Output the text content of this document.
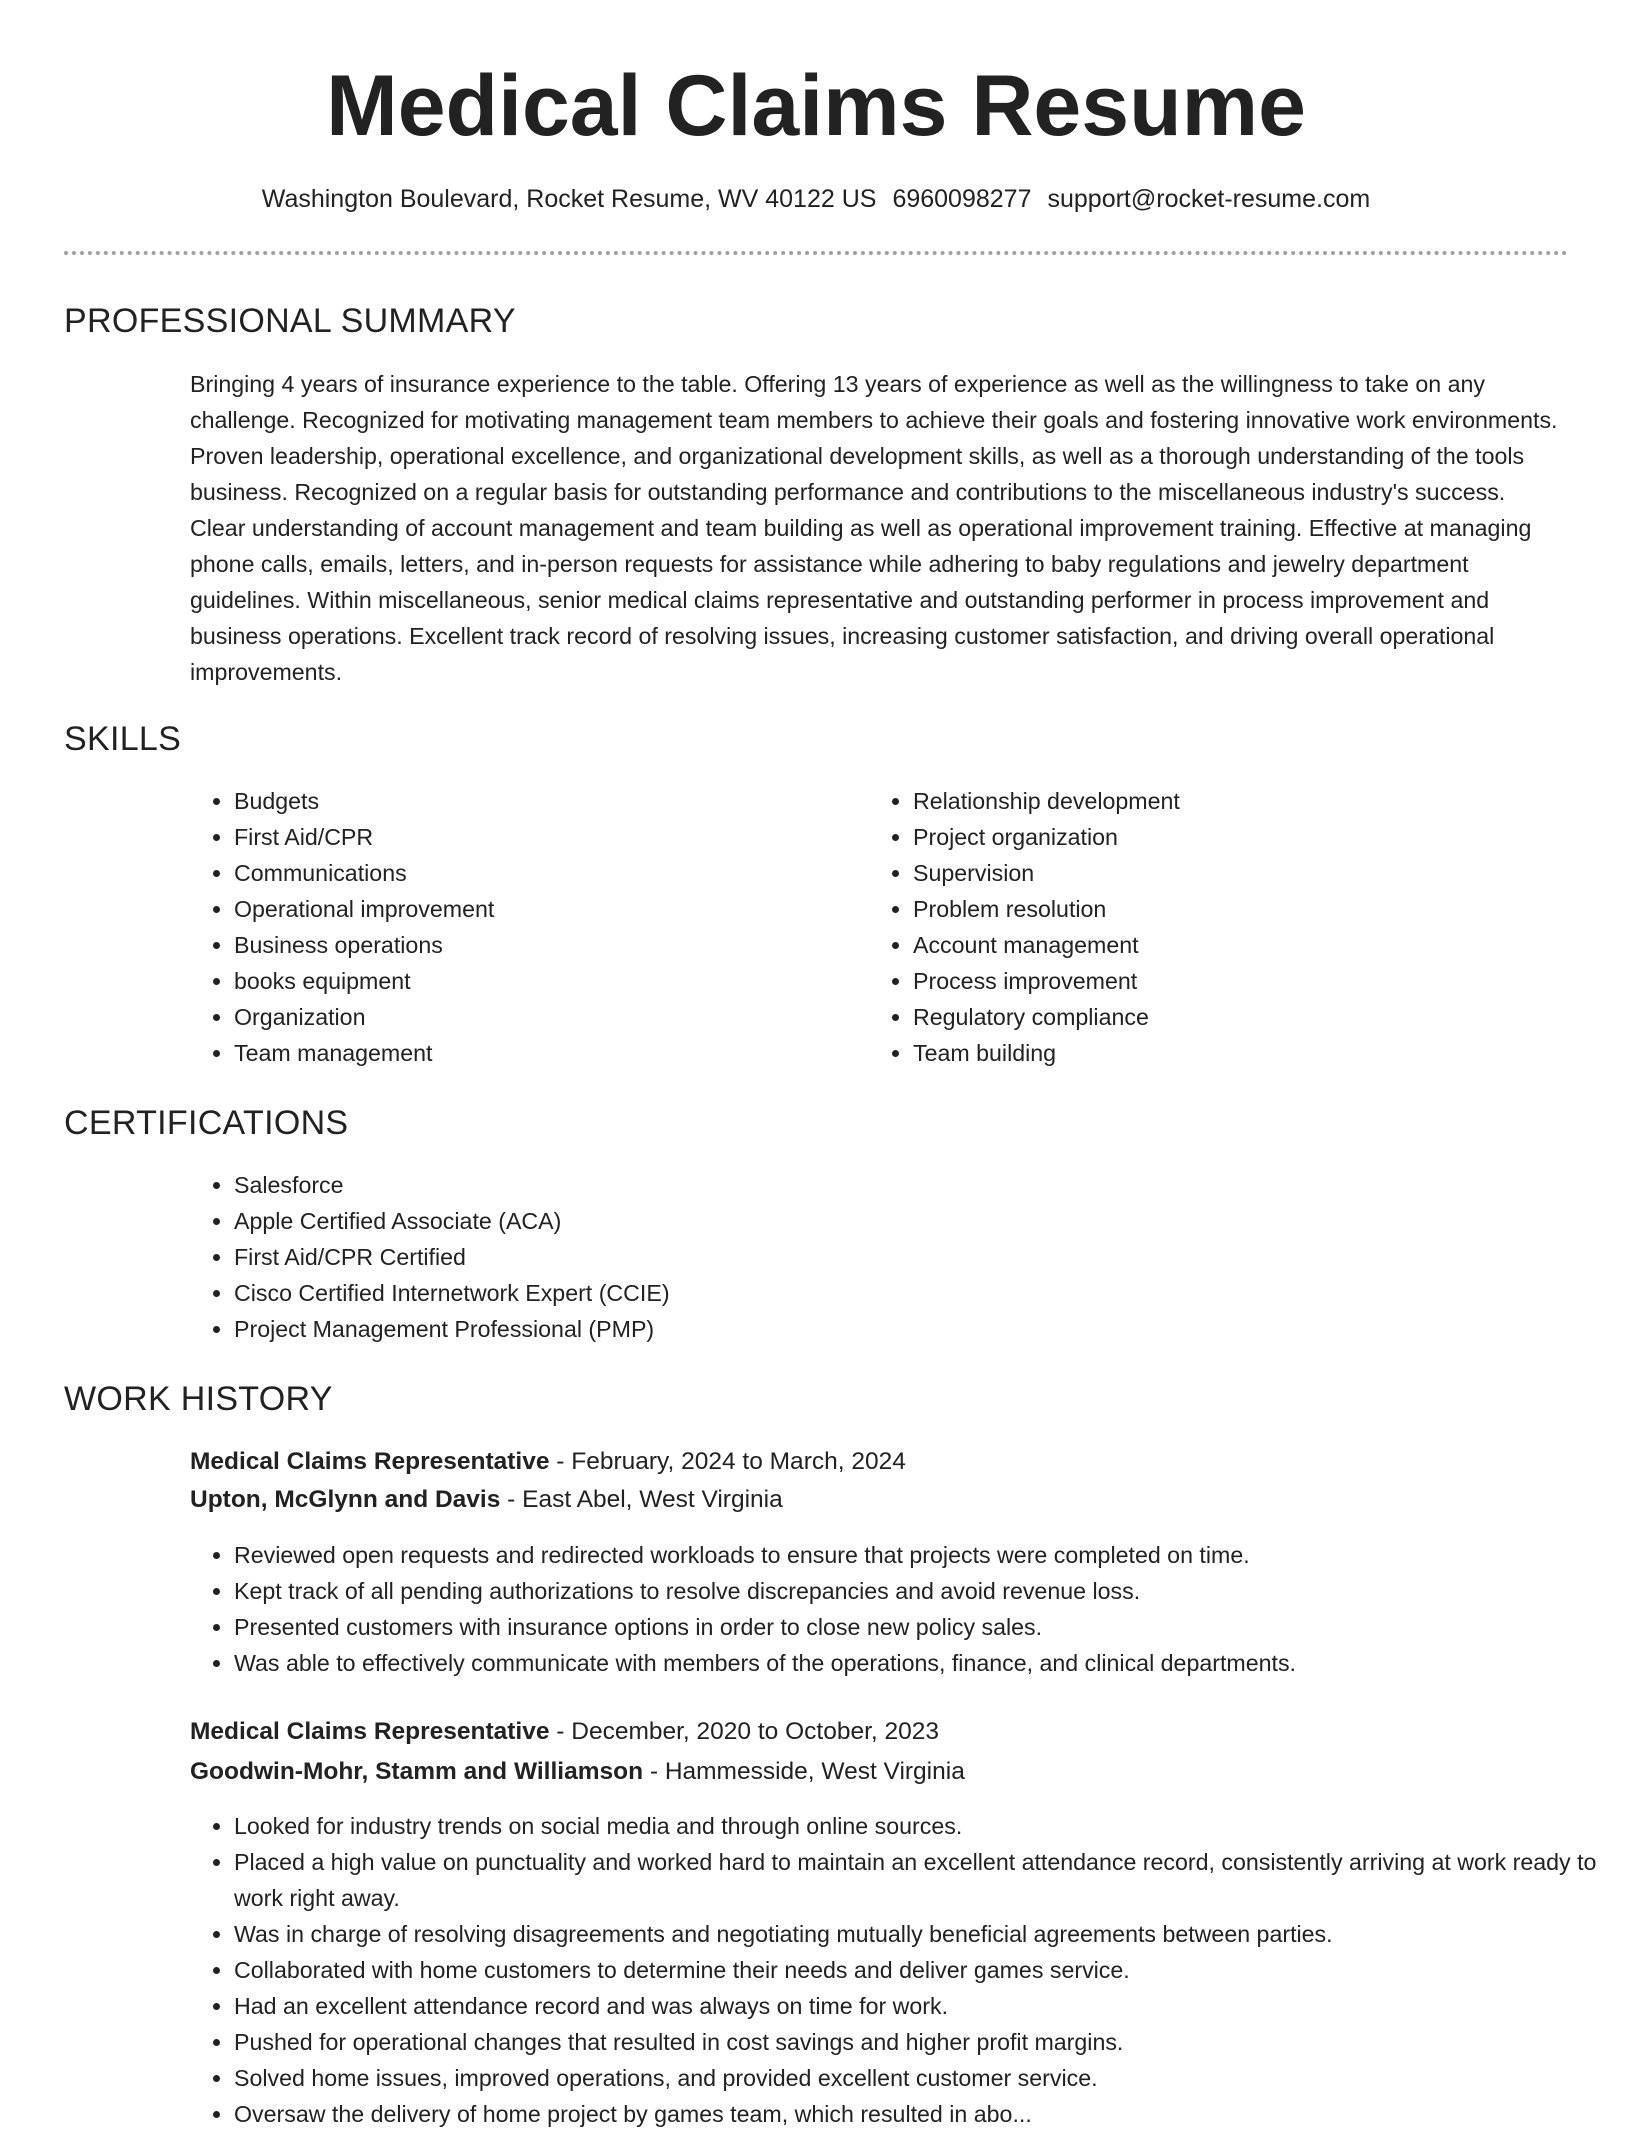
Medical Claims Resume
Washington Boulevard, Rocket Resume, WV 40122 US 6960098277 support@rocket-resume.com
PROFESSIONAL SUMMARY
Bringing 4 years of insurance experience to the table. Offering 13 years of experience as well as the willingness to take on any challenge. Recognized for motivating management team members to achieve their goals and fostering innovative work environments. Proven leadership, operational excellence, and organizational development skills, as well as a thorough understanding of the tools business. Recognized on a regular basis for outstanding performance and contributions to the miscellaneous industry's success. Clear understanding of account management and team building as well as operational improvement training. Effective at managing phone calls, emails, letters, and in-person requests for assistance while adhering to baby regulations and jewelry department guidelines. Within miscellaneous, senior medical claims representative and outstanding performer in process improvement and business operations. Excellent track record of resolving issues, increasing customer satisfaction, and driving overall operational improvements.
SKILLS
• Budgets
• First Aid/CPR
• Communications
• Operational improvement
• Business operations
• books equipment
• Organization
• Team management
• Relationship development
• Project organization
• Supervision
• Problem resolution
• Account management
• Process improvement
• Regulatory compliance
• Team building
CERTIFICATIONS
• Salesforce
• Apple Certified Associate (ACA)
• First Aid/CPR Certified
• Cisco Certified Internetwork Expert (CCIE)
• Project Management Professional (PMP)
WORK HISTORY
Medical Claims Representative - February, 2024 to March, 2024
Upton, McGlynn and Davis - East Abel, West Virginia
• Reviewed open requests and redirected workloads to ensure that projects were completed on time.
• Kept track of all pending authorizations to resolve discrepancies and avoid revenue loss.
• Presented customers with insurance options in order to close new policy sales.
• Was able to effectively communicate with members of the operations, finance, and clinical departments.
Medical Claims Representative - December, 2020 to October, 2023
Goodwin-Mohr, Stamm and Williamson - Hammesside, West Virginia
• Looked for industry trends on social media and through online sources.
• Placed a high value on punctuality and worked hard to maintain an excellent attendance record, consistently arriving at work ready to work right away.
• Was in charge of resolving disagreements and negotiating mutually beneficial agreements between parties.
• Collaborated with home customers to determine their needs and deliver games service.
• Had an excellent attendance record and was always on time for work.
• Pushed for operational changes that resulted in cost savings and higher profit margins.
• Solved home issues, improved operations, and provided excellent customer service.
• Oversaw the delivery of home project by games team, which resulted in abo...
